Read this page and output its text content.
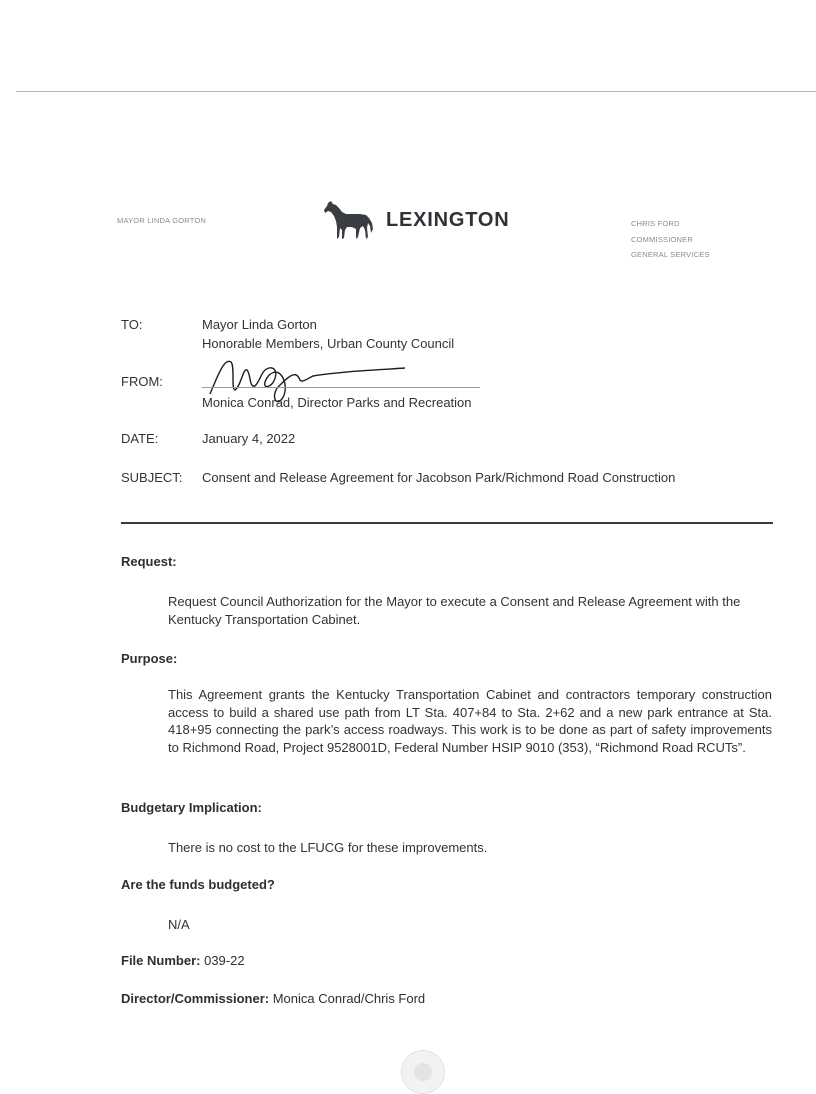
MAYOR LINDA GORTON	LEXINGTON	CHRIS FORD
COMMISSIONER
GENERAL SERVICES
TO:	Mayor Linda Gorton
Honorable Members, Urban County Council
FROM:
Monica Conrad, Director Parks and Recreation
DATE:	January 4, 2022
SUBJECT: Consent and Release Agreement for Jacobson Park/Richmond Road Construction
Request:
Request Council Authorization for the Mayor to execute a Consent and Release Agreement with the Kentucky Transportation Cabinet.
Purpose:
This Agreement grants the Kentucky Transportation Cabinet and contractors temporary construction access to build a shared use path from LT Sta. 407+84 to Sta. 2+62 and a new park entrance at Sta. 418+95 connecting the park’s access roadways. This work is to be done as part of safety improvements to Richmond Road, Project 9528001D, Federal Number HSIP 9010 (353), “Richmond Road RCUTs”.
Budgetary Implication:
There is no cost to the LFUCG for these improvements.
Are the funds budgeted?
N/A
File Number: 039-22
Director/Commissioner: Monica Conrad/Chris Ford
